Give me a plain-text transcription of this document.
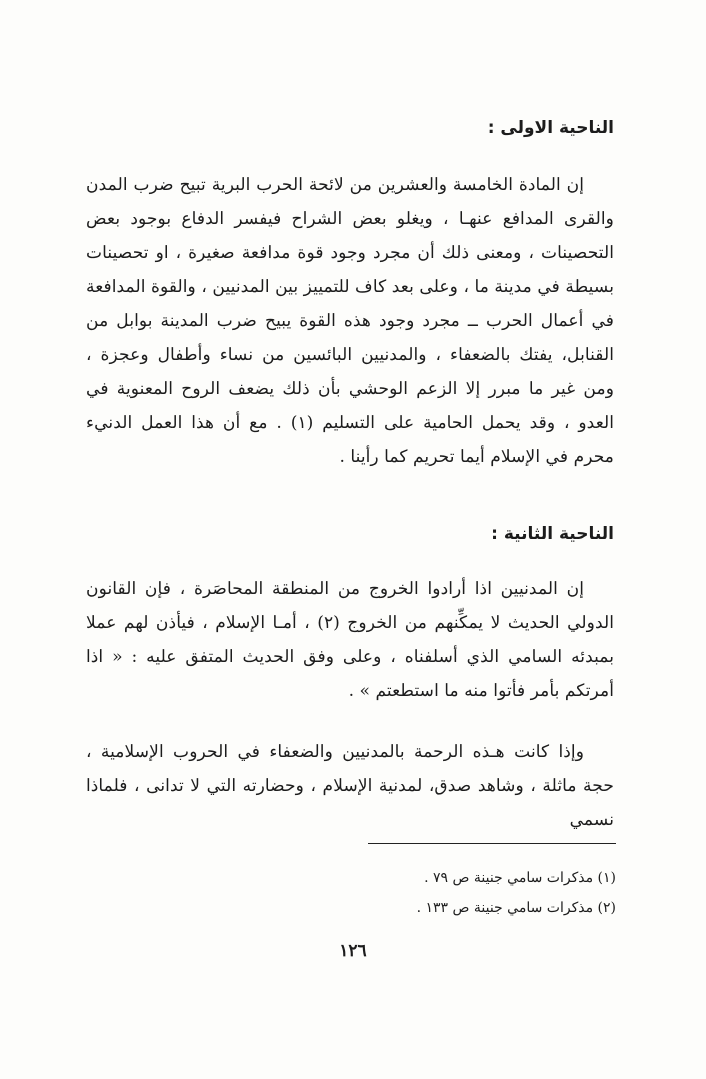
الناحية الاولى :

إن المادة الخامسة والعشرين من لائحة الحرب البرية تبيح ضرب المدن والقرى المدافع عنهـا ، ويغلو بعض الشراح فيفسر الدفاع بوجود بعض التحصينات ، ومعنى ذلك أن مجرد وجود قوة مدافعة صغيرة ، او تحصينات بسيطة في مدينة ما ، وعلى بعد كاف للتمييز بين المدنيين ، والقوة المدافعة في أعمال الحرب ــ مجرد وجود هذه القوة يبيح ضرب المدينة بوابل من القنابل، يفتك بالضعفاء ، والمدنيين البائسين من نساء وأطفال وعجزة ، ومن غير ما مبرر إلا الزعم الوحشي بأن ذلك يضعف الروح المعنوية في العدو ، وقد يحمل الحامية على التسليم (١) . مع أن هذا العمل الدنيء محرم في الإسلام أيما تحريم كما رأينا .

الناحية الثانية :

إن المدنيين اذا أرادوا الخروج من المنطقة المحاصَرة ، فإن القانون الدولي الحديث لا يمكِّنهم من الخروج (٢) ، أمـا الإسلام ، فيأذن لهم عملا بمبدئه السامي الذي أسلفناه ، وعلى وفق الحديث المتفق عليه : « اذا أمرتكم بأمر فأتوا منه ما استطعتم » .

وإذا كانت هـذه الرحمة بالمدنيين والضعفاء في الحروب الإسلامية ، حجة ماثلة ، وشاهد صدق، لمدنية الإسلام ، وحضارته التي لا تدانى ، فلماذا نسمي

(١) مذكرات سامي جنينة ص ٧٩ .
(٢) مذكرات سامي جنينة ص ١٣٣ .
١٢٦
